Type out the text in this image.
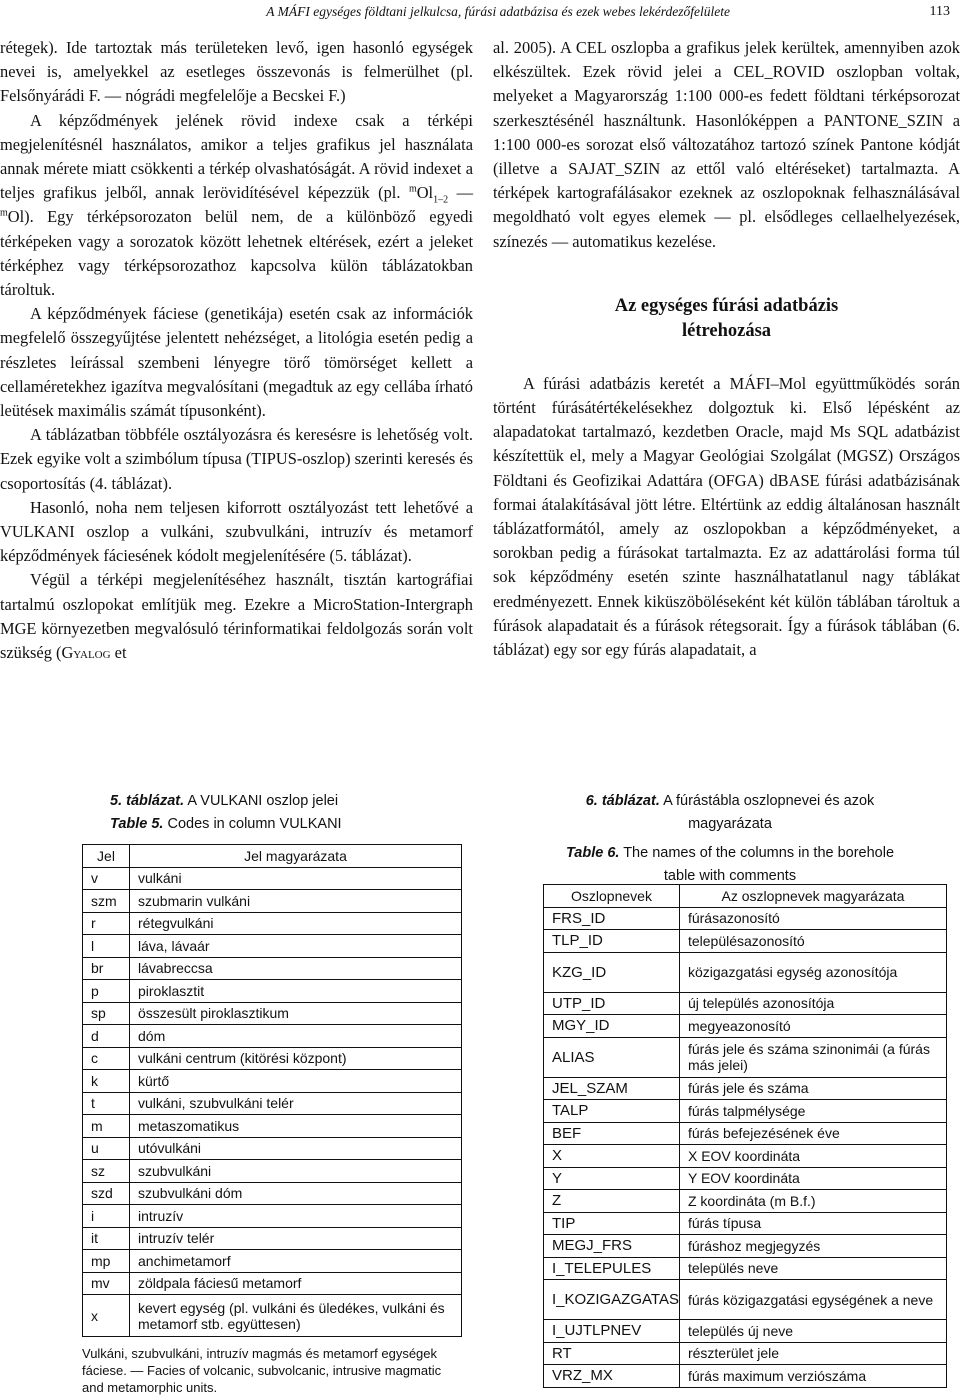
A MÁFI egységes földtani jelkulcsa, fúrási adatbázisa és ezek webes lekérdezőfelülete	113

rétegek). Ide tartoztak más területeken levő, igen hasonló egységek nevei is, amelyekkel az esetleges összevonás is felmerülhet (pl. Felsőnyárádi F. — nógrádi megfelelője a Becskei F.)

A képződmények jelének rövid indexe csak a térképi megjelenítésnél használatos, amikor a teljes grafikus jel használata annak mérete miatt csökkenti a térkép olvashatóságát. A rövid indexet a teljes grafikus jelből, annak lerövidítésével képezzük (pl. $^mOl_{1-2}$ — $^m$Ol). Egy térképsorozaton belül nem, de a különböző egyedi térképeken vagy a sorozatok között lehetnek eltérések, ezért a jeleket térképhez vagy térképsorozathoz kapcsolva külön táblázatokban tároltuk.

A képződmények fáciese (genetikája) esetén csak az információk megfelelő összegyűjtése jelentett nehézséget, a litológia esetén pedig a részletes leírással szembeni lényegre törő tömörséget kellett a cellaméretekhez igazítva megvalósítani (megadtuk az egy cellába írható leütések maximális számát típusonként).

A táblázatban többféle osztályozásra és keresésre is lehetőség volt. Ezek egyike volt a szimbólum típusa (TIPUS-oszlop) szerinti keresés és csoportosítás (4. táblázat).

Hasonló, noha nem teljesen kiforrott osztályozást tett lehetővé a VULKANI oszlop a vulkáni, szubvulkáni, intruzív és metamorf képződmények fáciesének kódolt megjelenítésére (5. táblázat).

Végül a térképi megjelenítéséhez használt, tisztán kartográfiai tartalmú oszlopokat említjük meg. Ezekre a MicroStation-Intergraph MGE környezetben megvalósuló térinformatikai feldolgozás során volt szükség (Gyalog et

al. 2005). A CEL oszlopba a grafikus jelek kerültek, amennyiben azok elkészültek. Ezek rövid jelei a CEL_ROVID oszlopban voltak, melyeket a Magyarország 1:100 000-es fedett földtani térképsorozat szerkesztésénél használtunk. Hasonlóképpen a PANTONE_SZIN a 1:100 000-es sorozat első változatához tartozó színek Pantone kódját (illetve a SAJAT_SZIN az ettől való eltéréseket) tartalmazta. A térképek kartografálásakor ezeknek az oszlopoknak felhasználásával megoldható volt egyes elemek — pl. elsődleges cellaelhelyezések, színezés — automatikus kezelése.

Az egységes fúrási adatbázis
létrehozása

A fúrási adatbázis keretét a MÁFI–Mol együttműködés során történt fúrásátértékelésekhez dolgoztuk ki. Első lépésként az alapadatokat tartalmazó, kezdetben Oracle, majd Ms SQL adatbázist készítettük el, mely a Magyar Geológiai Szolgálat (MGSZ) Országos Földtani és Geofizikai Adattára (OFGA) dBASE fúrási adatbázisának formai átalakításával jött létre. Eltértünk az eddig általánosan használt táblázatformától, amely az oszlopokban a képződményeket, a sorokban pedig a fúrásokat tartalmazta. Ez az adattárolási forma túl sok képződmény esetén szinte használhatatlanul nagy táblákat eredményezett. Ennek kiküszöböléseként két külön táblában tároltuk a fúrások alapadatait és a fúrások rétegsorait. Így a fúrások táblában (6. táblázat) egy sor egy fúrás alapadatait, a

5. táblázat. A VULKANI oszlop jelei
Table 5. Codes in column VULKANI
Jel	Jel magyarázata
v	vulkáni
szm	szubmarin vulkáni
r	rétegvulkáni
l	láva, lávaár
br	lávabreccsa
p	piroklasztit
sp	összesült piroklasztikum
d	dóm
c	vulkáni centrum (kitörési központ)
k	kürtő
t	vulkáni, szubvulkáni telér
m	metaszomatikus
u	utóvulkáni
sz	szubvulkáni
szd	szubvulkáni dóm
i	intruzív
it	intruzív telér
mp	anchimetamorf
mv	zöldpala fáciesű metamorf
x	kevert egység (pl. vulkáni és üledékes, vulkáni és metamorf stb. együttesen)
Vulkáni, szubvulkáni, intruzív magmás és metamorf egységek fáciese. — Facies of volcanic, subvolcanic, intrusive magmatic and metamorphic units.
6. táblázat. A fúrástábla oszlopnevei és azok magyarázata
Table 6. The names of the columns in the borehole table with comments
Oszlopnevek	Az oszlopnevek magyarázata
FRS_ID	fúrásazonosító
TLP_ID	településazonosító
KZG_ID	közigazgatási egység azonosítója
UTP_ID	új település azonosítója
MGY_ID	megyeazonosító
ALIAS	fúrás jele és száma szinonimái (a fúrás más jelei)
JEL_SZAM	fúrás jele és száma
TALP	fúrás talpmélysége
BEF	fúrás befejezésének éve
X	X EOV koordináta
Y	Y EOV koordináta
Z	Z koordináta (m B.f.)
TIP	fúrás típusa
MEGJ_FRS	fúráshoz megjegyzés
I_TELEPULES	település neve
I_KOZIGAZGATAS	fúrás közigazgatási egységének a neve
I_UJTLPNEV	település új neve
RT	részterület jele
VRZ_MX	fúrás maximum verziószáma
